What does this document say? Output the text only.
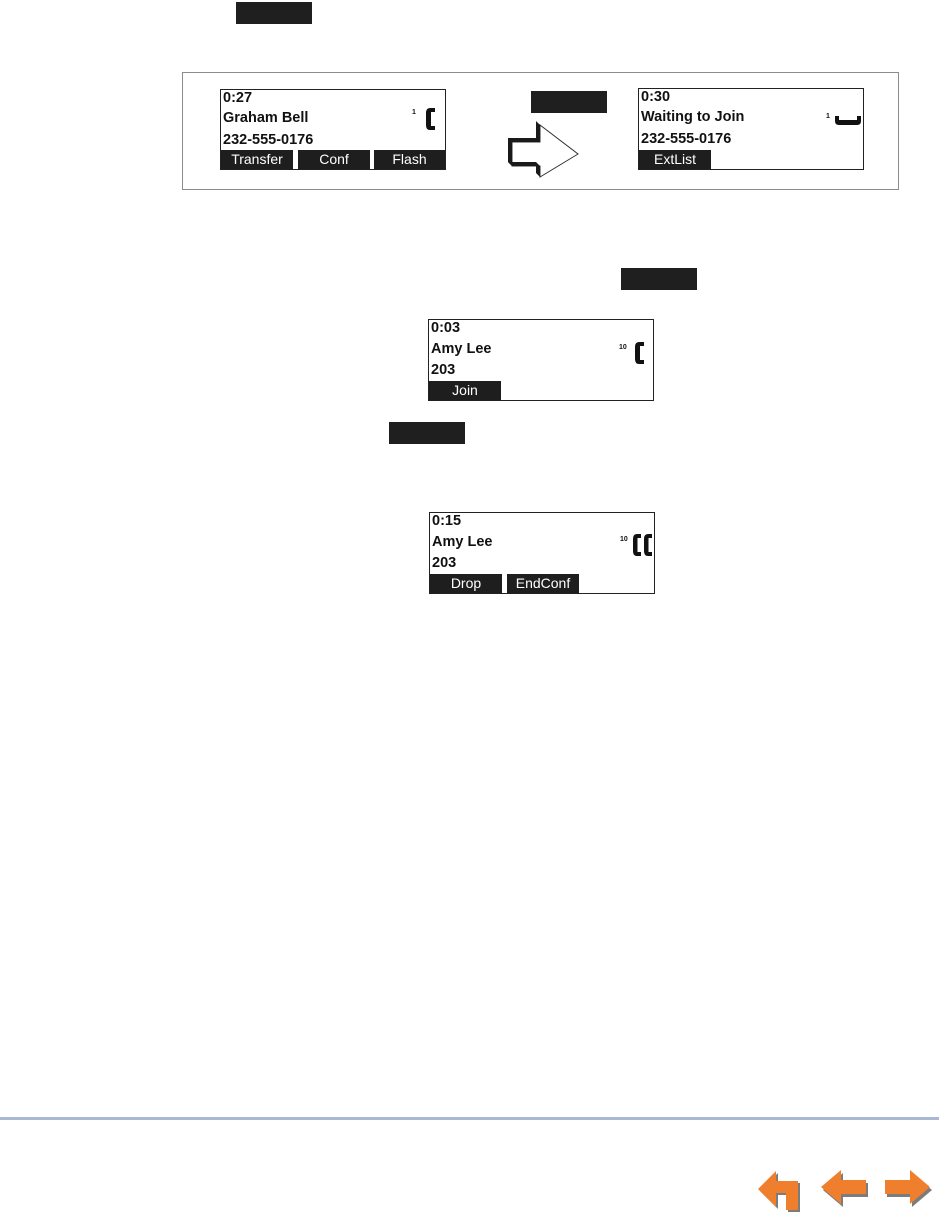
0:27
Graham Bell
232-555-0176
1
Transfer	Conf	Flash
0:30
Waiting to Join
232-555-0176
1
ExtList
0:03
Amy Lee
203
10
Join
0:15
Amy Lee
203
10
Drop	EndConf
